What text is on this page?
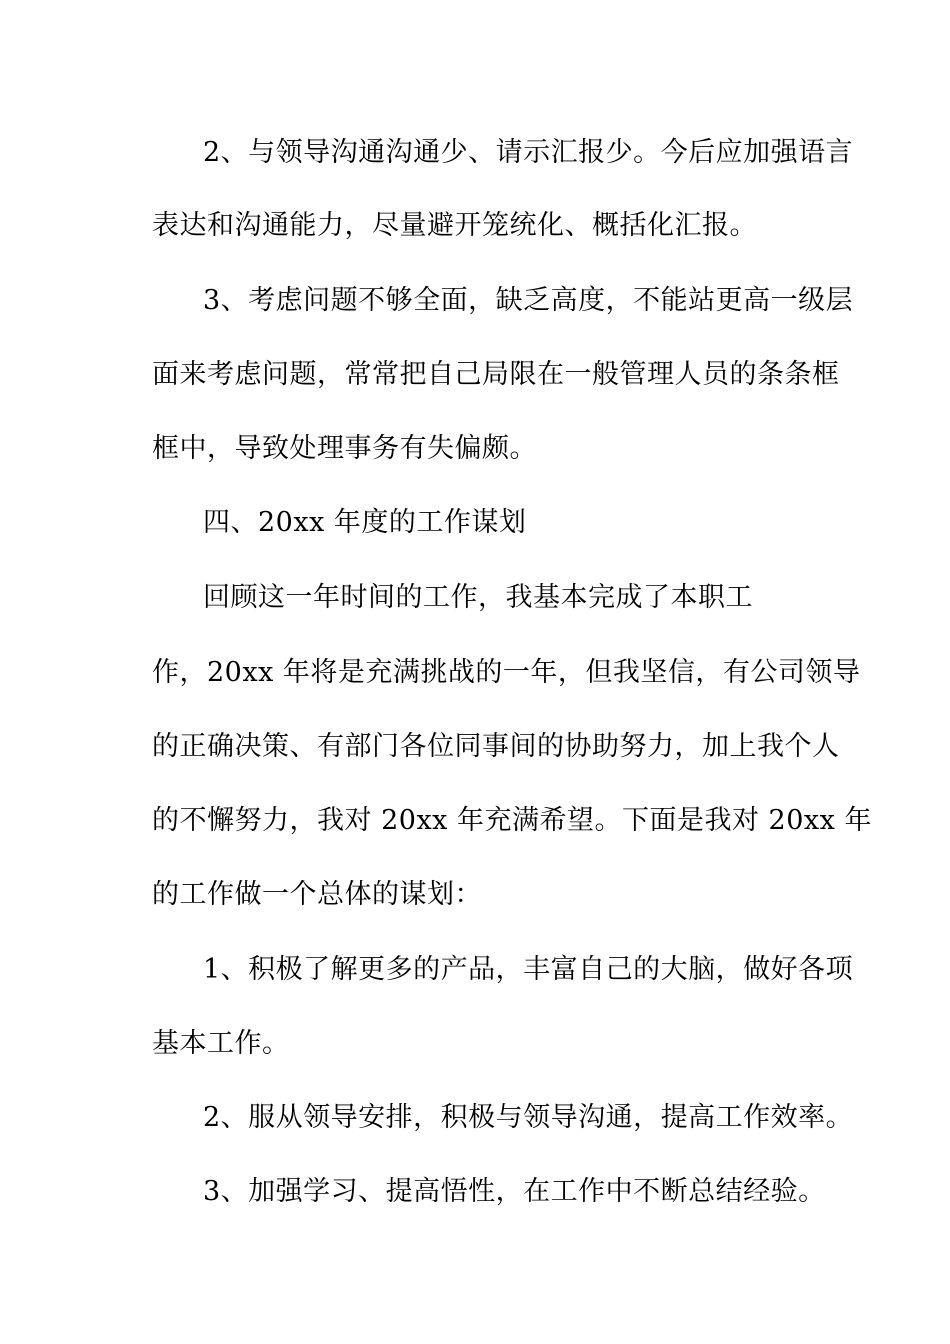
2、与领导沟通沟通少、请示汇报少。今后应加强语言
表达和沟通能力，尽量避开笼统化、概括化汇报。
3、考虑问题不够全面，缺乏高度，不能站更高一级层
面来考虑问题，常常把自己局限在一般管理人员的条条框
框中，导致处理事务有失偏颇。
四、20xx 年度的工作谋划
回顾这一年时间的工作，我基本完成了本职工
作，20xx 年将是充满挑战的一年，但我坚信，有公司领导
的正确决策、有部门各位同事间的协助努力，加上我个人
的不懈努力，我对 20xx 年充满希望。下面是我对 20xx 年
的工作做一个总体的谋划：
1、积极了解更多的产品，丰富自己的大脑，做好各项
基本工作。
2、服从领导安排，积极与领导沟通，提高工作效率。
3、加强学习、提高悟性，在工作中不断总结经验。
